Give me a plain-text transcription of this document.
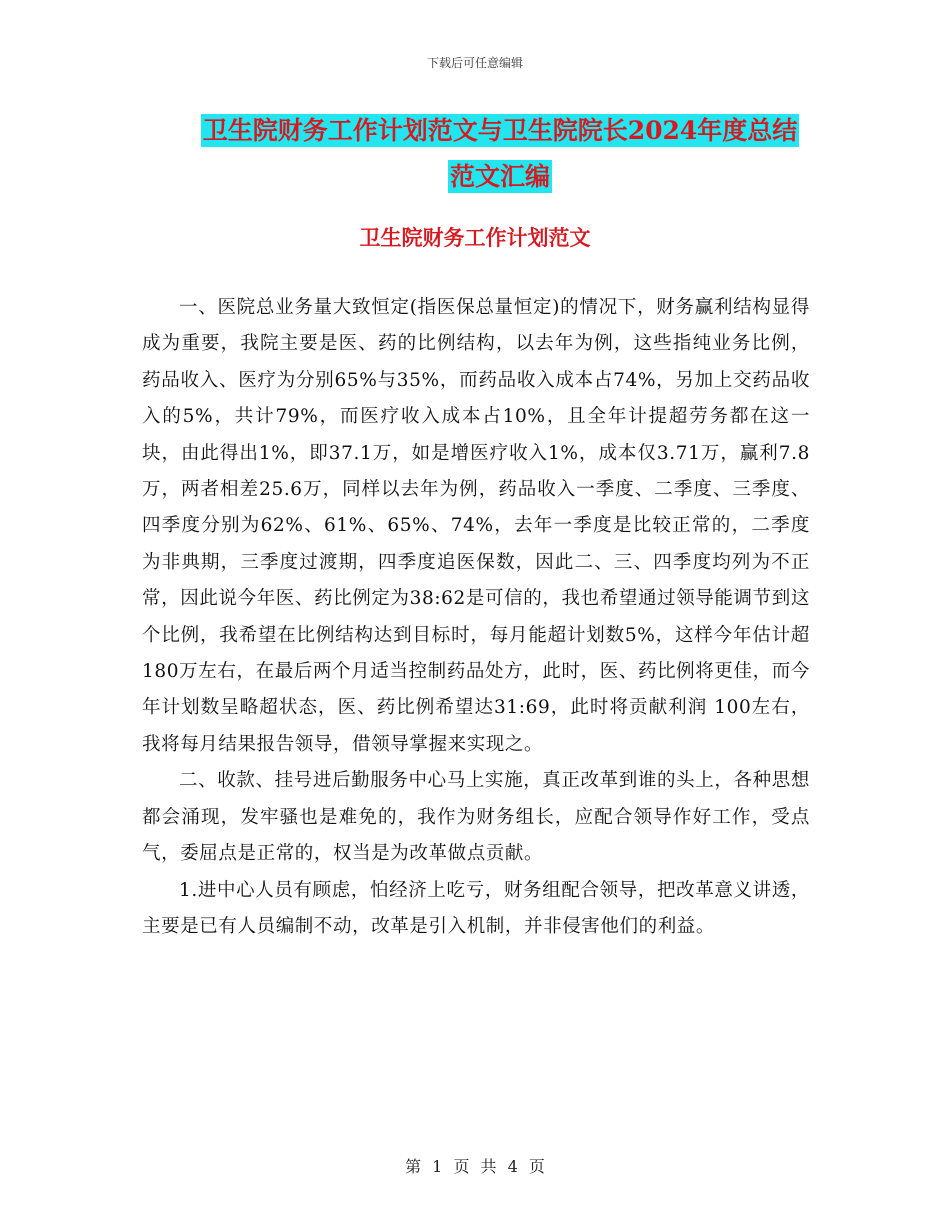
下载后可任意编辑
卫生院财务工作计划范文与卫生院院长2024年度总结
范文汇编
卫生院财务工作计划范文

一、医院总业务量大致恒定(指医保总量恒定)的情况下，财务赢利结构显得成为重要，我院主要是医、药的比例结构，以去年为例，这些指纯业务比例，药品收入、医疗为分别65%与35%，而药品收入成本占74%，另加上交药品收入的5%，共计79%，而医疗收入成本占10%，且全年计提超劳务都在这一块，由此得出1%，即37.1万，如是增医疗收入1%，成本仅3.71万，赢利7.8万，两者相差25.6万，同样以去年为例，药品收入一季度、二季度、三季度、四季度分别为62%、61%、65%、74%，去年一季度是比较正常的，二季度为非典期，三季度过渡期，四季度追医保数，因此二、三、四季度均列为不正常，因此说今年医、药比例定为38:62是可信的，我也希望通过领导能调节到这个比例，我希望在比例结构达到目标时，每月能超计划数5%，这样今年估计超180万左右，在最后两个月适当控制药品处方，此时，医、药比例将更佳，而今年计划数呈略超状态，医、药比例希望达31:69，此时将贡献利润 100左右，我将每月结果报告领导，借领导掌握来实现之。

二、收款、挂号进后勤服务中心马上实施，真正改革到谁的头上，各种思想都会涌现，发牢骚也是难免的，我作为财务组长，应配合领导作好工作，受点气，委屈点是正常的，权当是为改革做点贡献。

1.进中心人员有顾虑，怕经济上吃亏，财务组配合领导，把改革意义讲透，主要是已有人员编制不动，改革是引入机制，并非侵害他们的利益。

第 1 页 共 4 页
